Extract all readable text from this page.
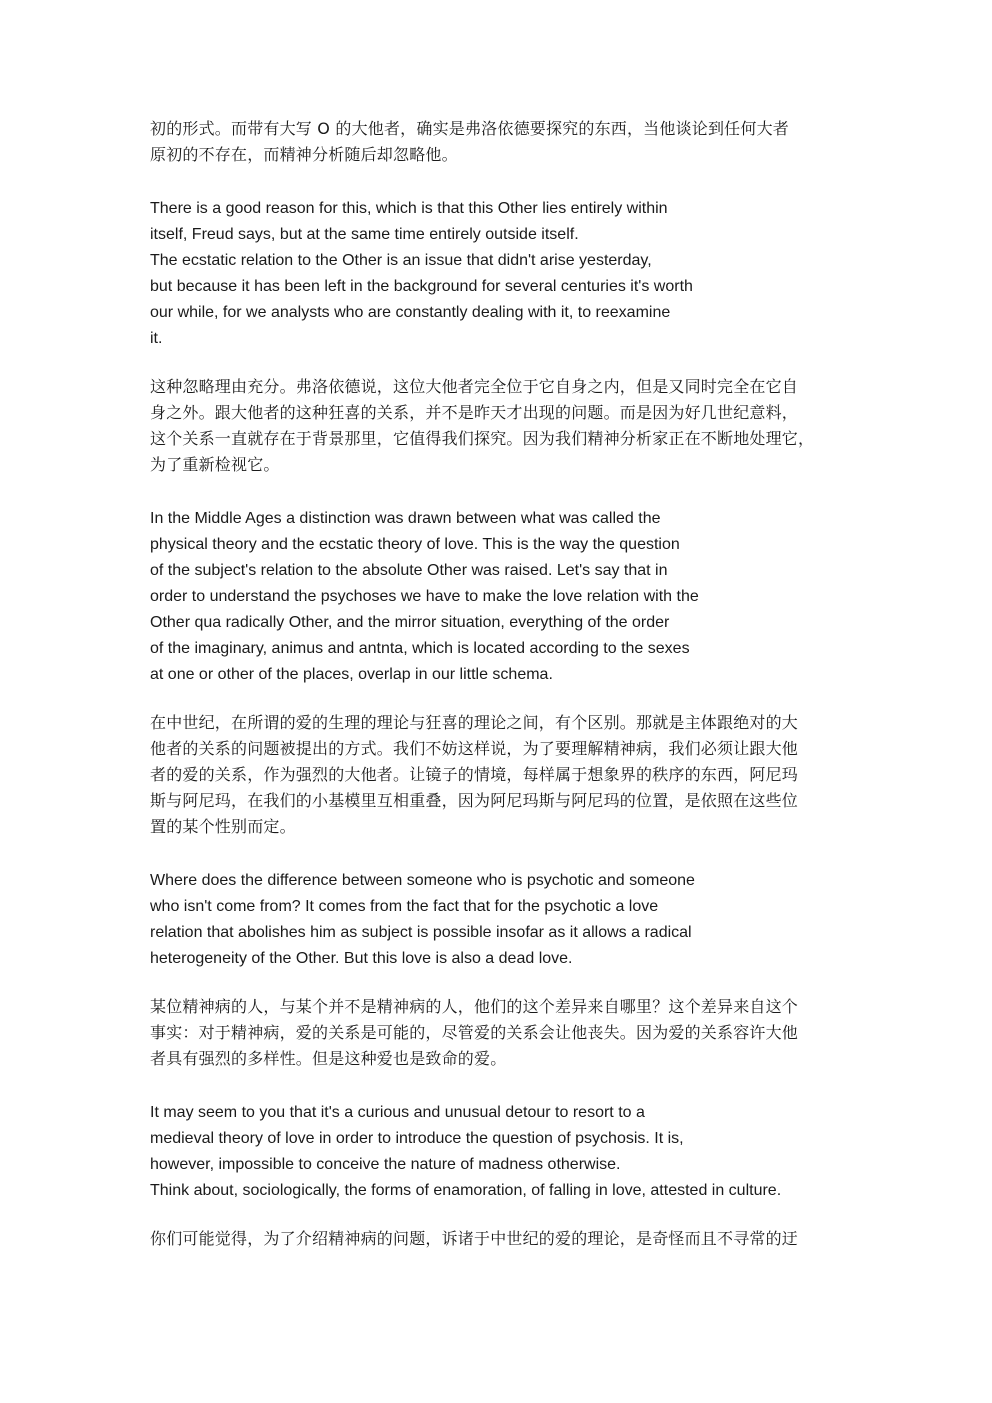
初的形式。而带有大写 O 的大他者，确实是弗洛依德要探究的东西，当他谈论到任何大者
原初的不存在，而精神分析随后却忽略他。

There is a good reason for this, which is that this Other lies entirely within
itself, Freud says, but at the same time entirely outside itself.
The ecstatic relation to the Other is an issue that didn't arise yesterday,
but because it has been left in the background for several centuries it's worth
our while, for we analysts who are constantly dealing with it, to reexamine
it.

这种忽略理由充分。弗洛依德说，这位大他者完全位于它自身之内，但是又同时完全在它自
身之外。跟大他者的这种狂喜的关系，并不是昨天才出现的问题。而是因为好几世纪意料，
这个关系一直就存在于背景那里，它值得我们探究。因为我们精神分析家正在不断地处理它，
为了重新检视它。

In the Middle Ages a distinction was drawn between what was called the
physical theory and the ecstatic theory of love. This is the way the question
of the subject's relation to the absolute Other was raised. Let's say that in
order to understand the psychoses we have to make the love relation with the
Other qua radically Other, and the mirror situation, everything of the order
of the imaginary, animus and antnta, which is located according to the sexes
at one or other of the places, overlap in our little schema.

在中世纪，在所谓的爱的生理的理论与狂喜的理论之间，有个区别。那就是主体跟绝对的大
他者的关系的问题被提出的方式。我们不妨这样说，为了要理解精神病，我们必须让跟大他
者的爱的关系，作为强烈的大他者。让镜子的情境，每样属于想象界的秩序的东西，阿尼玛
斯与阿尼玛，在我们的小基模里互相重叠，因为阿尼玛斯与阿尼玛的位置，是依照在这些位
置的某个性别而定。

Where does the difference between someone who is psychotic and someone
who isn't come from? It comes from the fact that for the psychotic a love
relation that abolishes him as subject is possible insofar as it allows a radical
heterogeneity of the Other. But this love is also a dead love.

某位精神病的人，与某个并不是精神病的人，他们的这个差异来自哪里？这个差异来自这个
事实：对于精神病，爱的关系是可能的，尽管爱的关系会让他丧失。因为爱的关系容许大他
者具有强烈的多样性。但是这种爱也是致命的爱。

It may seem to you that it's a curious and unusual detour to resort to a
medieval theory of love in order to introduce the question of psychosis. It is,
however, impossible to conceive the nature of madness otherwise.
Think about, sociologically, the forms of enamoration, of falling in love, attested in culture.

你们可能觉得，为了介绍精神病的问题，诉诸于中世纪的爱的理论，是奇怪而且不寻常的迂
